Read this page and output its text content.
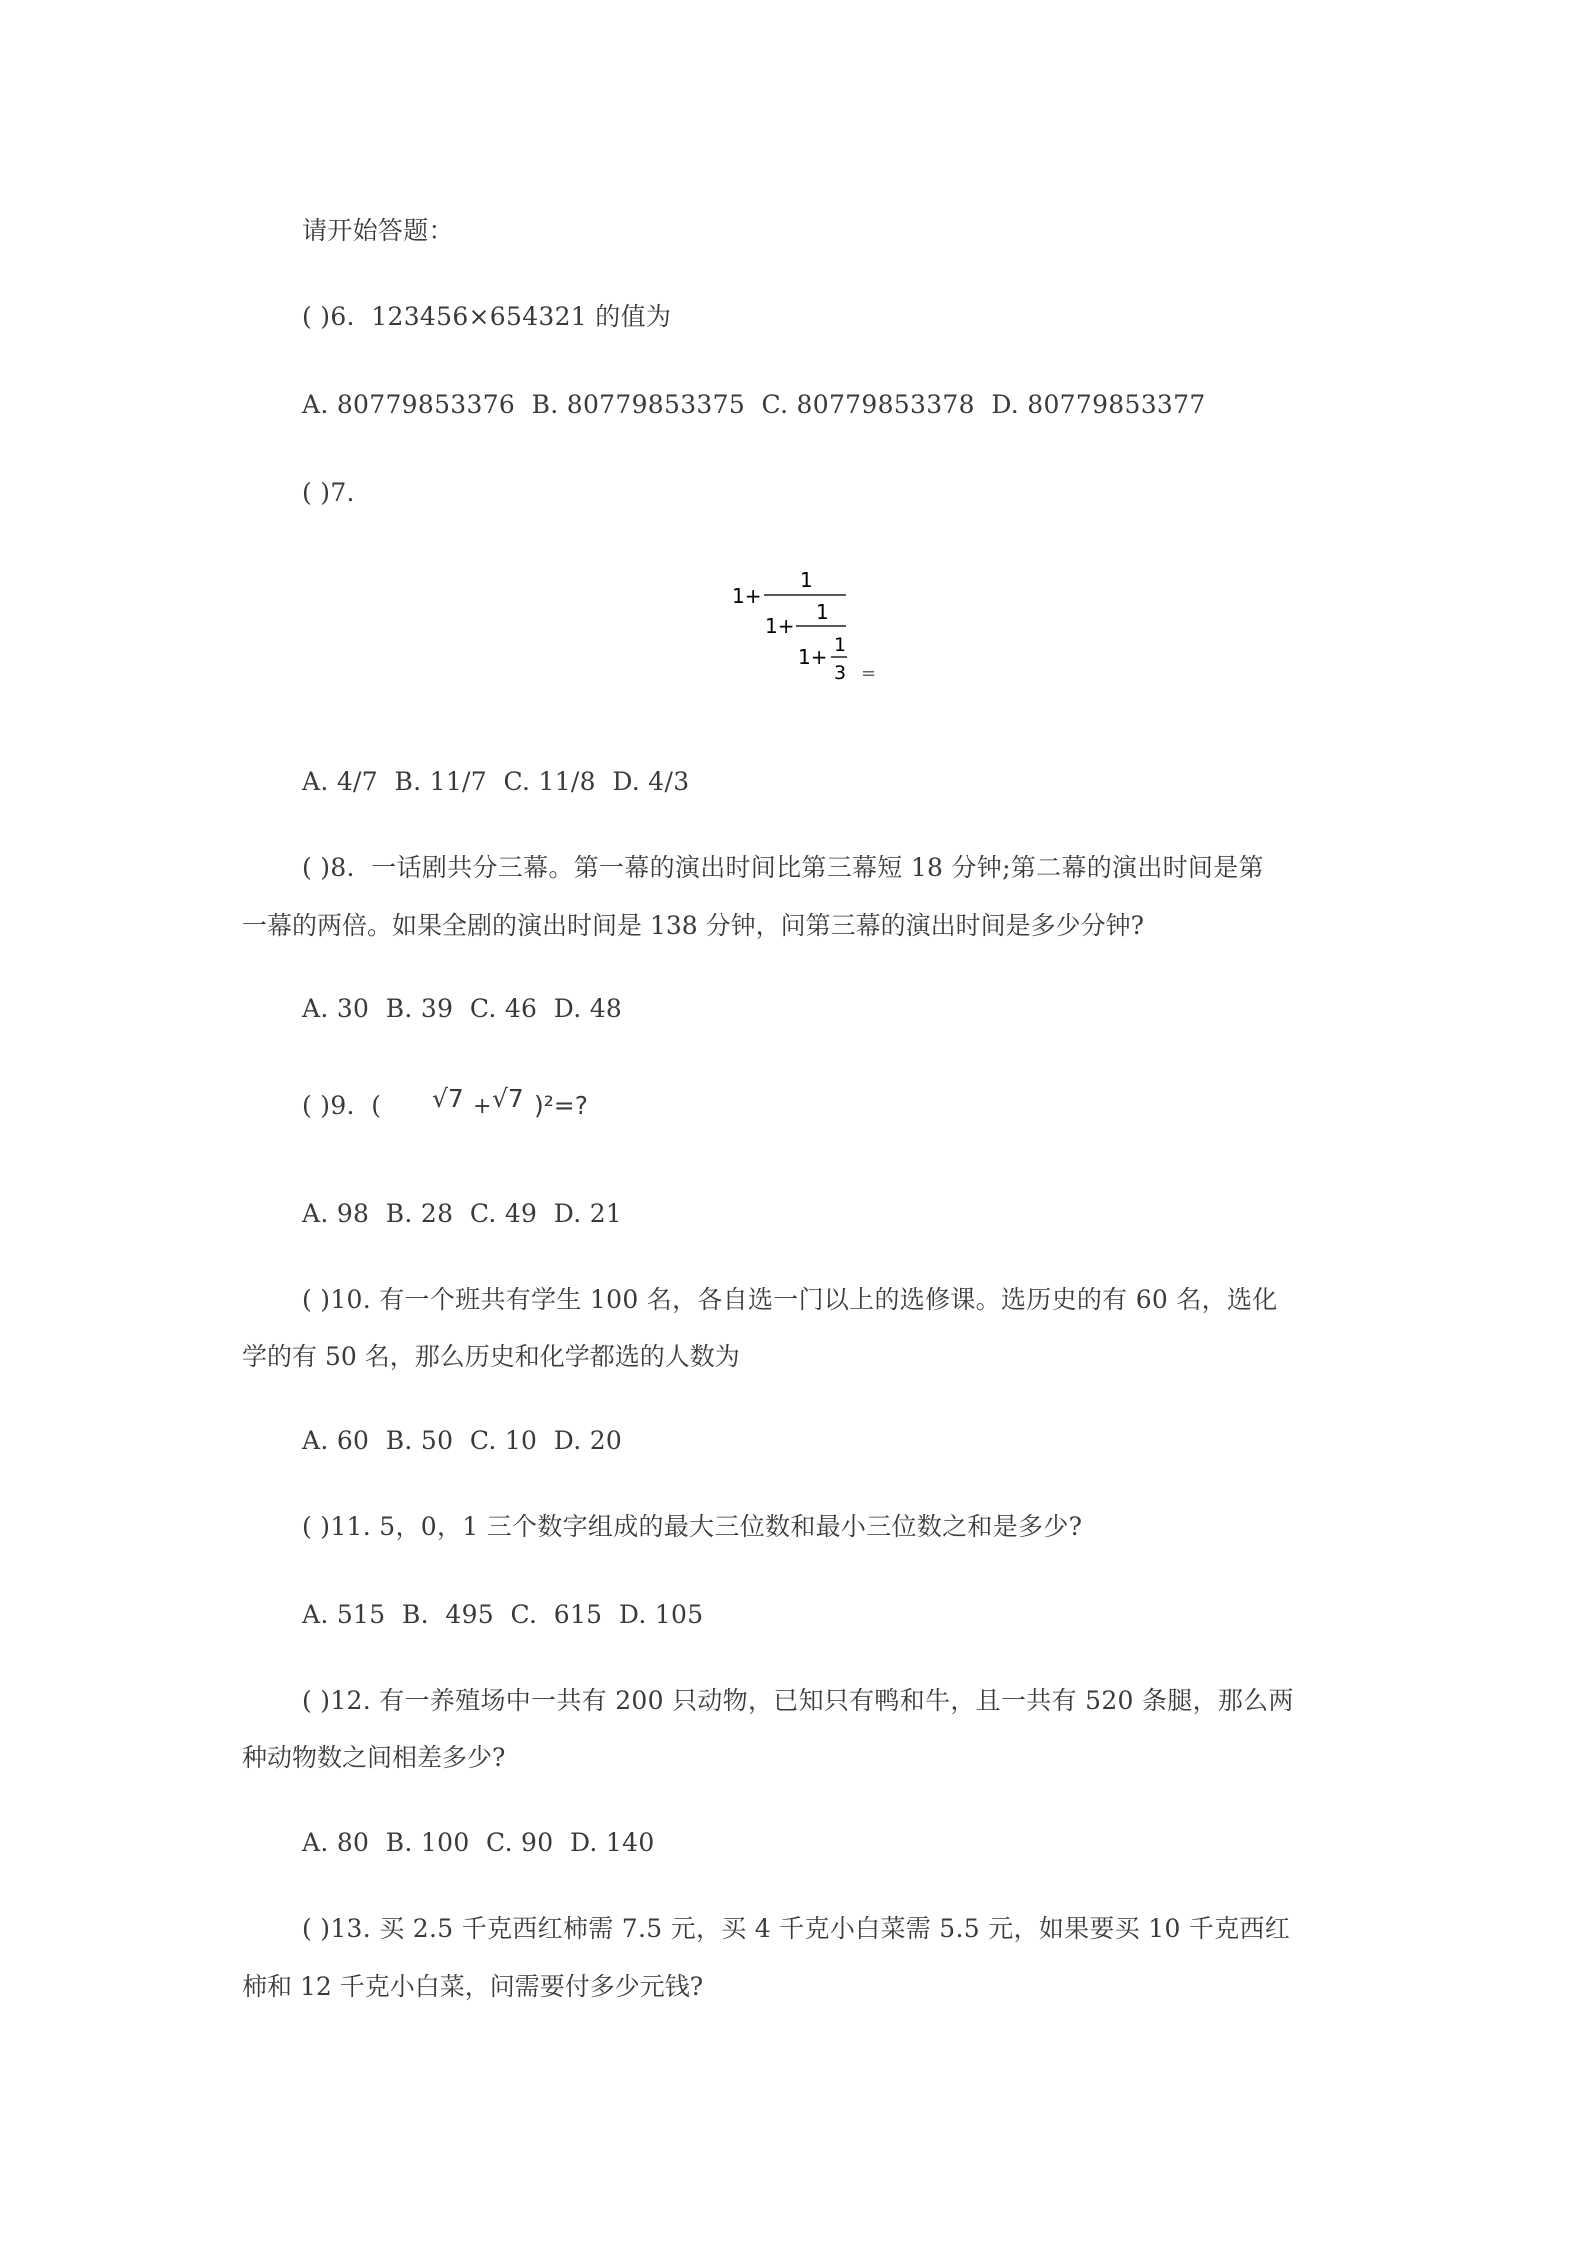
请开始答题：
( )6.  123456×654321 的值为
A. 80779853376  B. 80779853375  C. 80779853378  D. 80779853377
( )7.
1+
1
1+
1
1+ 1
3 =
A. 4/7  B. 11/7  C. 11/8  D. 4/3
( )8.  一话剧共分三幕。第一幕的演出时间比第三幕短 18 分钟;第二幕的演出时间是第
一幕的两倍。如果全剧的演出时间是 138 分钟，问第三幕的演出时间是多少分钟?
A. 30  B. 39  C. 46  D. 48
( )9.  ( √7 + √7 )²=?
A. 98  B. 28  C. 49  D. 21
( )10. 有一个班共有学生 100 名，各自选一门以上的选修课。选历史的有 60 名，选化
学的有 50 名，那么历史和化学都选的人数为
A. 60  B. 50  C. 10  D. 20
( )11. 5，0，1 三个数字组成的最大三位数和最小三位数之和是多少?
A. 515  B.  495  C.  615  D. 105
( )12. 有一养殖场中一共有 200 只动物，已知只有鸭和牛，且一共有 520 条腿，那么两
种动物数之间相差多少?
A. 80  B. 100  C. 90  D. 140
( )13. 买 2.5 千克西红柿需 7.5 元，买 4 千克小白菜需 5.5 元，如果要买 10 千克西红
柿和 12 千克小白菜，问需要付多少元钱?
